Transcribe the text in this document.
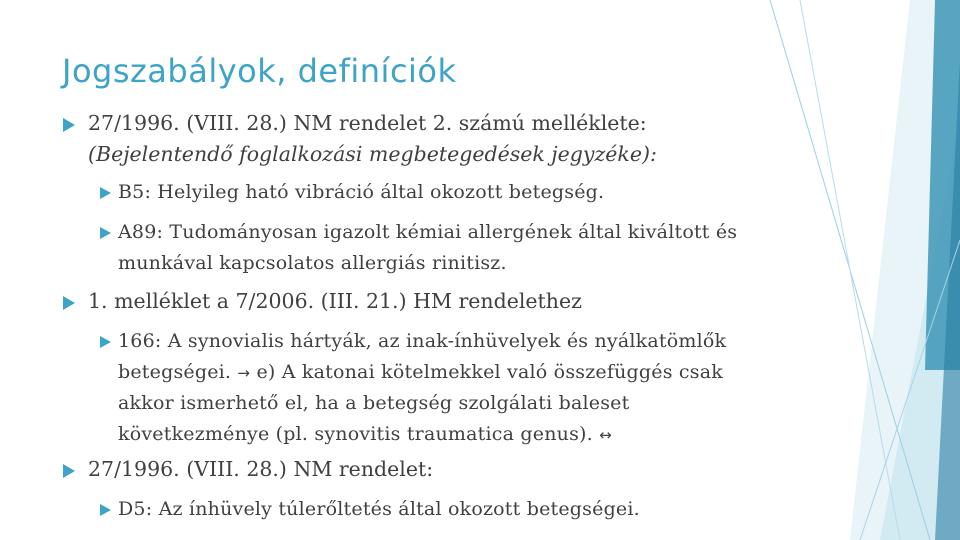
Jogszabályok, definíciók
27/1996. (VIII. 28.) NM rendelet 2. számú melléklete:
(Bejelentendő foglalkozási megbetegedések jegyzéke):
B5: Helyileg ható vibráció által okozott betegség.
A89: Tudományosan igazolt kémiai allergének által kiváltott és
munkával kapcsolatos allergiás rinitisz.
1. melléklet a 7/2006. (III. 21.) HM rendelethez
166: A synovialis hártyák, az inak-ínhüvelyek és nyálkatömlők
betegségei. → e) A katonai kötelmekkel való összefüggés csak
akkor ismerhető el, ha a betegség szolgálati baleset
következménye (pl. synovitis traumatica genus). ↔
27/1996. (VIII. 28.) NM rendelet:
D5: Az ínhüvely túlerőltetés által okozott betegségei.
